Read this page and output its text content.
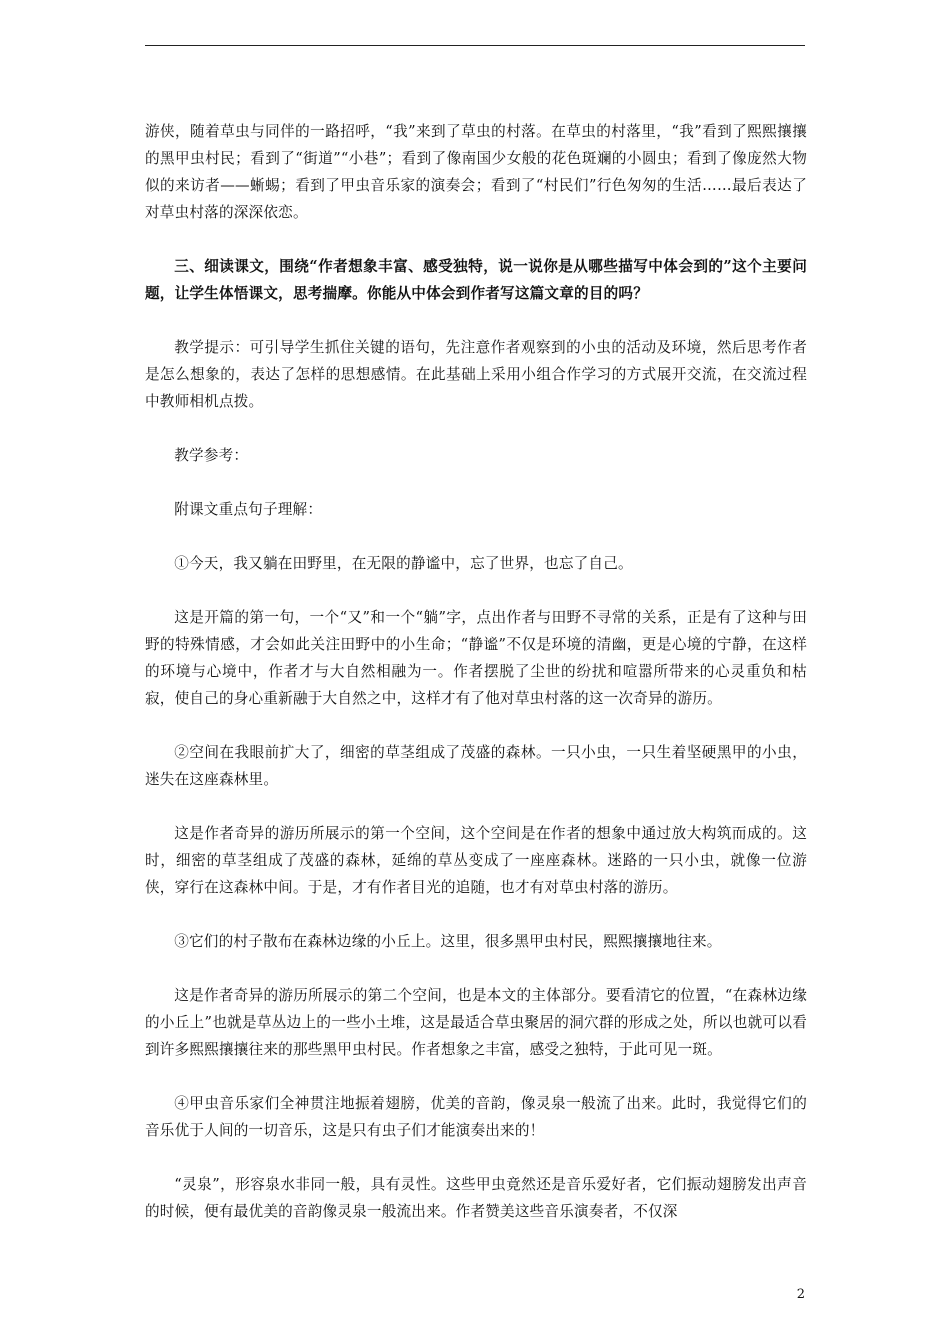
游侠，随着草虫与同伴的一路招呼，“我”来到了草虫的村落。在草虫的村落里，“我”看到了熙熙攘攘的黑甲虫村民；看到了“街道”“小巷”；看到了像南国少女般的花色斑斓的小圆虫；看到了像庞然大物似的来访者——蜥蜴；看到了甲虫音乐家的演奏会；看到了“村民们”行色匆匆的生活……最后表达了对草虫村落的深深依恋。

三、细读课文，围绕“作者想象丰富、感受独特，说一说你是从哪些描写中体会到的”这个主要问题，让学生体悟课文，思考揣摩。你能从中体会到作者写这篇文章的目的吗？

教学提示：可引导学生抓住关键的语句，先注意作者观察到的小虫的活动及环境，然后思考作者是怎么想象的，表达了怎样的思想感情。在此基础上采用小组合作学习的方式展开交流，在交流过程中教师相机点拨。

教学参考：

附课文重点句子理解：

①今天，我又躺在田野里，在无限的静谧中，忘了世界，也忘了自己。

这是开篇的第一句，一个“又”和一个“躺”字，点出作者与田野不寻常的关系，正是有了这种与田野的特殊情感，才会如此关注田野中的小生命；“静谧”不仅是环境的清幽，更是心境的宁静，在这样的环境与心境中，作者才与大自然相融为一。作者摆脱了尘世的纷扰和喧嚣所带来的心灵重负和枯寂，使自己的身心重新融于大自然之中，这样才有了他对草虫村落的这一次奇异的游历。

②空间在我眼前扩大了，细密的草茎组成了茂盛的森林。一只小虫，一只生着坚硬黑甲的小虫，迷失在这座森林里。

这是作者奇异的游历所展示的第一个空间，这个空间是在作者的想象中通过放大构筑而成的。这时，细密的草茎组成了茂盛的森林，延绵的草丛变成了一座座森林。迷路的一只小虫，就像一位游侠，穿行在这森林中间。于是，才有作者目光的追随，也才有对草虫村落的游历。

③它们的村子散布在森林边缘的小丘上。这里，很多黑甲虫村民，熙熙攘攘地往来。

这是作者奇异的游历所展示的第二个空间，也是本文的主体部分。要看清它的位置，“在森林边缘的小丘上”也就是草丛边上的一些小土堆，这是最适合草虫聚居的洞穴群的形成之处，所以也就可以看到许多熙熙攘攘往来的那些黑甲虫村民。作者想象之丰富，感受之独特，于此可见一斑。

④甲虫音乐家们全神贯注地振着翅膀，优美的音韵，像灵泉一般流了出来。此时，我觉得它们的音乐优于人间的一切音乐，这是只有虫子们才能演奏出来的！

“灵泉”，形容泉水非同一般，具有灵性。这些甲虫竟然还是音乐爱好者，它们振动翅膀发出声音的时候，便有最优美的音韵像灵泉一般流出来。作者赞美这些音乐演奏者，不仅深

2
